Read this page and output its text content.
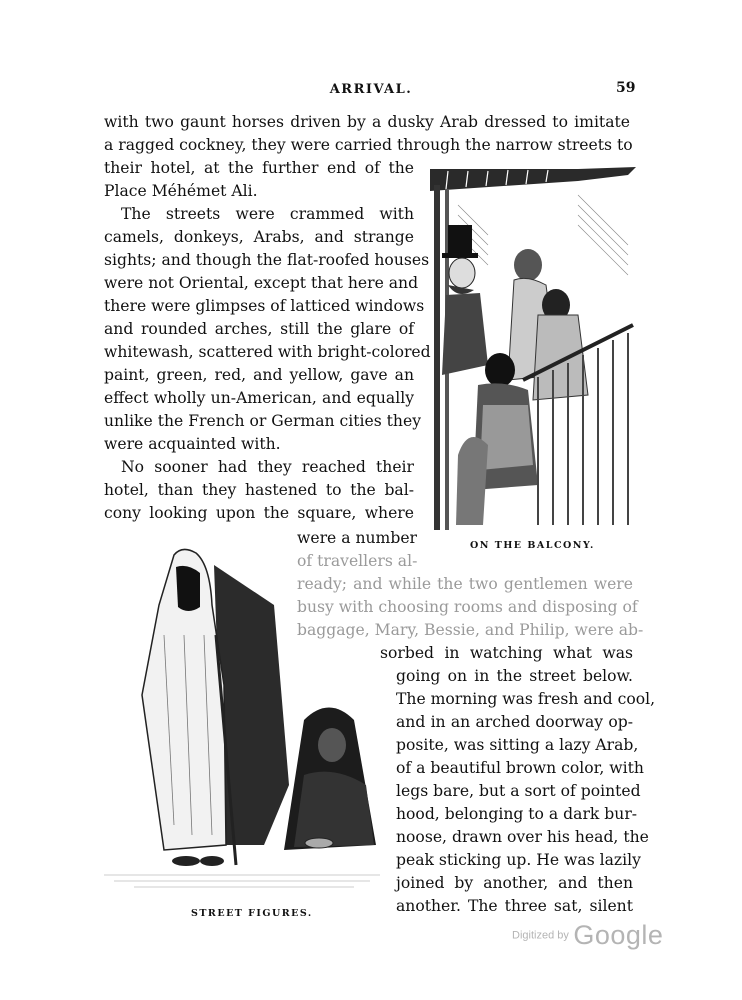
ARRIVAL.	59
with two gaunt horses driven by a dusky Arab dressed to imitate
a ragged cockney, they were carried through the narrow streets to
their hotel, at the further end of the
Place Méhémet Ali.
The streets were crammed with
camels, donkeys, Arabs, and strange
sights; and though the flat-roofed houses
were not Oriental, except that here and
there were glimpses of latticed windows
and rounded arches, still the glare of
whitewash, scattered with bright-colored
paint, green, red, and yellow, gave an
effect wholly un-American, and equally
unlike the French or German cities they
were acquainted with.
No sooner had they reached their
hotel, than they hastened to the bal-
cony looking upon the square, where
were a number
of travellers al-
ready; and while the two gentlemen were
busy with choosing rooms and disposing of
baggage, Mary, Bessie, and Philip, were ab-
sorbed in watching what was
going on in the street below.
The morning was fresh and cool,
and in an arched doorway op-
posite, was sitting a lazy Arab,
of a beautiful brown color, with
legs bare, but a sort of pointed
hood, belonging to a dark bur-
noose, drawn over his head, the
peak sticking up. He was lazily
joined by another, and then
another. The three sat, silent
ON THE BALCONY.
STREET FIGURES.
Digitized by Google
